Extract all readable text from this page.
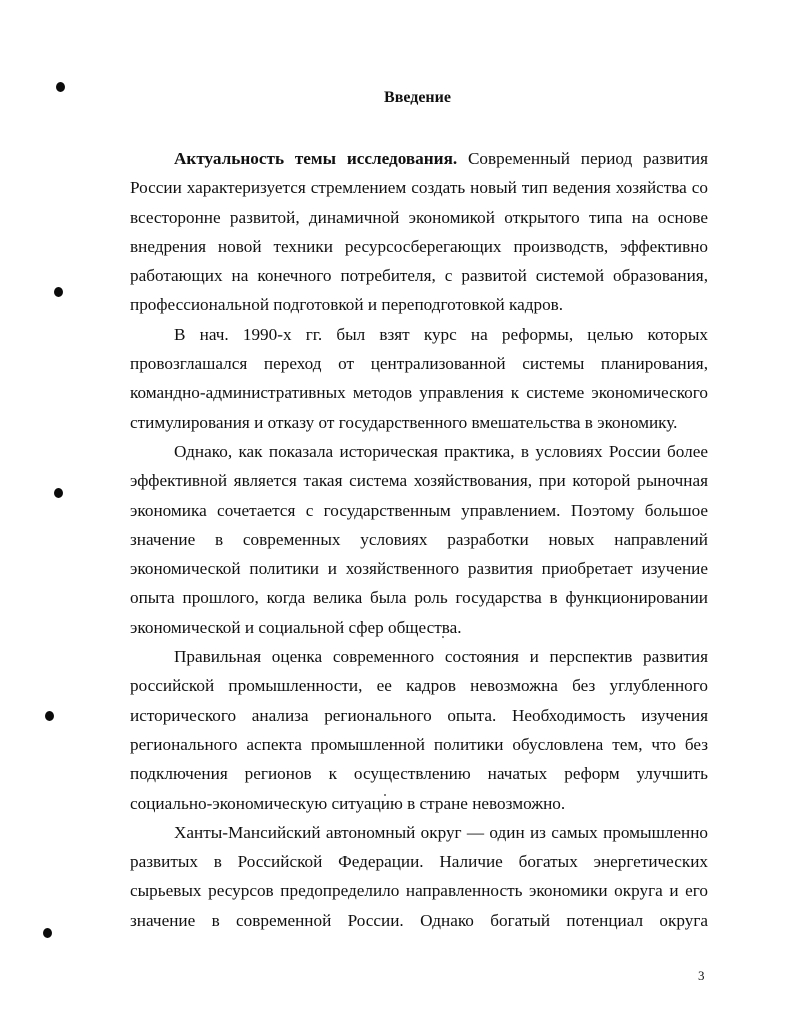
Введение

Актуальность темы исследования. Современный период развития России характеризуется стремлением создать новый тип ведения хозяйства со всесторонне развитой, динамичной экономикой открытого типа на основе внедрения новой техники ресурсосберегающих производств, эффективно работающих на конечного потребителя, с развитой системой образования, профессиональной подготовкой и переподготовкой кадров.

В нач. 1990-х гг. был взят курс на реформы, целью которых провозглашался переход от централизованной системы планирования, командно-административных методов управления к системе экономического стимулирования и отказу от государственного вмешательства в экономику.

Однако, как показала историческая практика, в условиях России более эффективной является такая система хозяйствования, при которой рыночная экономика сочетается с государственным управлением. Поэтому большое значение в современных условиях разработки новых направлений экономической политики и хозяйственного развития приобретает изучение опыта прошлого, когда велика была роль государства в функционировании экономической и социальной сфер общества.

Правильная оценка современного состояния и перспектив развития российской промышленности, ее кадров невозможна без углубленного исторического анализа регионального опыта. Необходимость изучения регионального аспекта промышленной политики обусловлена тем, что без подключения регионов к осуществлению начатых реформ улучшить социально-экономическую ситуацию в стране невозможно.

Ханты-Мансийский автономный округ — один из самых промышленно развитых в Российской Федерации. Наличие богатых энергетических сырьевых ресурсов предопределило направленность экономики округа и его значение в современной России. Однако богатый потенциал округа

3
